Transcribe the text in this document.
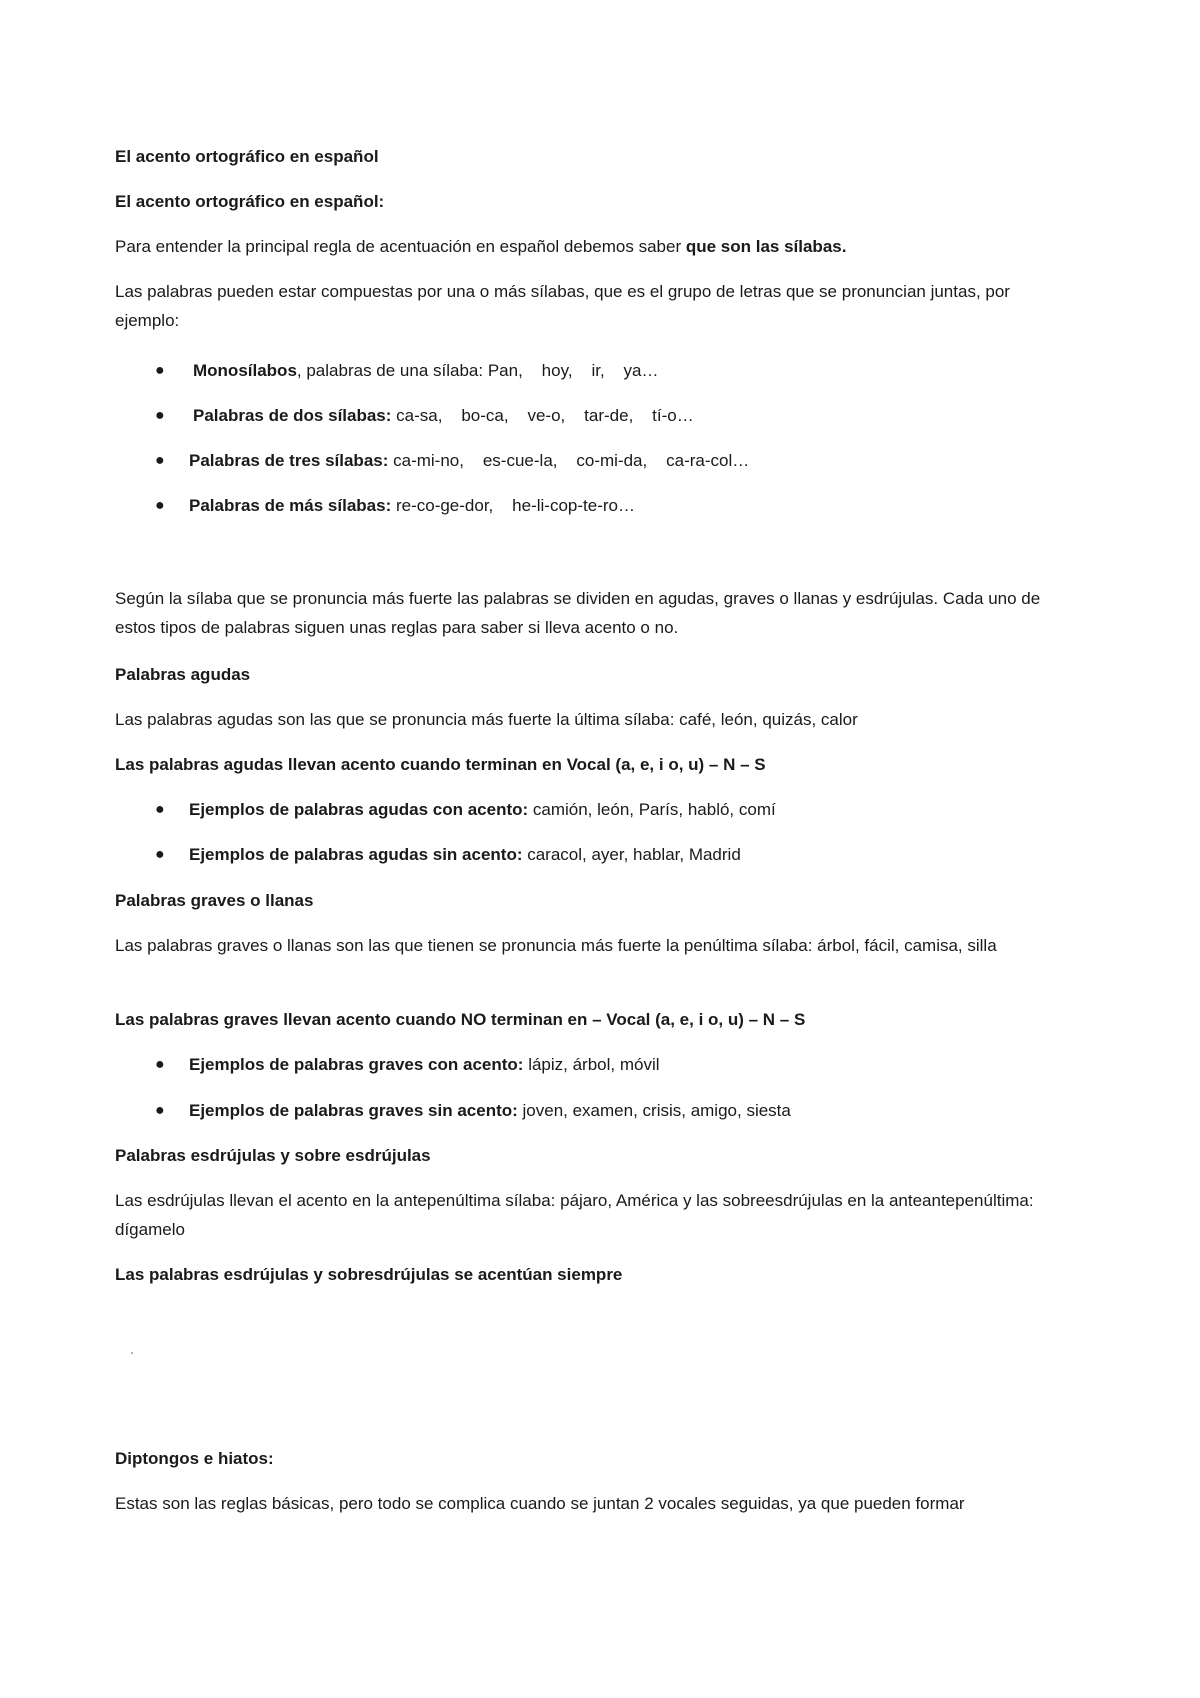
El acento ortográfico en español

El acento ortográfico en español:

Para entender la principal regla de acentuación en español debemos saber que son las sílabas.

Las palabras pueden estar compuestas por una o más sílabas, que es el grupo de letras que se pronuncian juntas, por ejemplo:

● Monosílabos, palabras de una sílaba: Pan,    hoy,    ir,    ya…
● Palabras de dos sílabas: ca-sa,    bo-ca,    ve-o,    tar-de,    tí-o…
● Palabras de tres sílabas: ca-mi-no,    es-cue-la,    co-mi-da,    ca-ra-col…
● Palabras de más sílabas: re-co-ge-dor,    he-li-cop-te-ro…

Según la sílaba que se pronuncia más fuerte las palabras se dividen en agudas, graves o llanas y esdrújulas. Cada uno de estos tipos de palabras siguen unas reglas para saber si lleva acento o no.

Palabras agudas

Las palabras agudas son las que se pronuncia más fuerte la última sílaba: café, león, quizás, calor

Las palabras agudas llevan acento cuando terminan en Vocal (a, e, i o, u) – N – S

● Ejemplos de palabras agudas con acento: camión, león, París, habló, comí
● Ejemplos de palabras agudas sin acento: caracol, ayer, hablar, Madrid

Palabras graves o llanas

Las palabras graves o llanas son las que tienen se pronuncia más fuerte la penúltima sílaba: árbol, fácil, camisa, silla

Las palabras graves llevan acento cuando NO terminan en – Vocal (a, e, i o, u) – N – S

● Ejemplos de palabras graves con acento: lápiz, árbol, móvil
● Ejemplos de palabras graves sin acento: joven, examen, crisis, amigo, siesta

Palabras esdrújulas y sobre esdrújulas

Las esdrújulas llevan el acento en la antepenúltima sílaba: pájaro, América y las sobreesdrújulas en la anteantepenúltima: dígamelo

Las palabras esdrújulas y sobresdrújulas se acentúan siempre

Diptongos e hiatos:

Estas son las reglas básicas, pero todo se complica cuando se juntan 2 vocales seguidas, ya que pueden formar
